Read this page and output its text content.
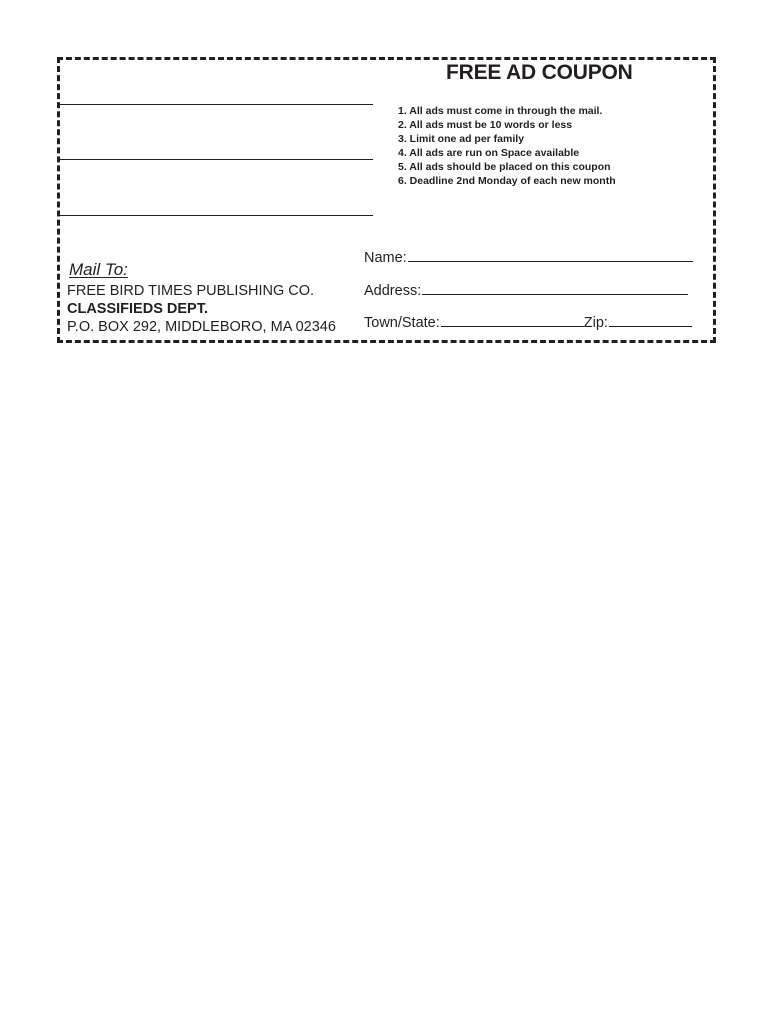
FREE AD COUPON
1. All ads must come in through the mail.
2. All ads must be 10 words or less
3. Limit one ad per family
4. All ads are run on Space available
5. All ads should be placed on this coupon
6. Deadline 2nd Monday of each new month
Mail To:
FREE BIRD TIMES PUBLISHING CO.
CLASSIFIEDS DEPT.
P.O. BOX 292, MIDDLEBORO, MA 02346
Name:
Address:
Town/State:	Zip:
